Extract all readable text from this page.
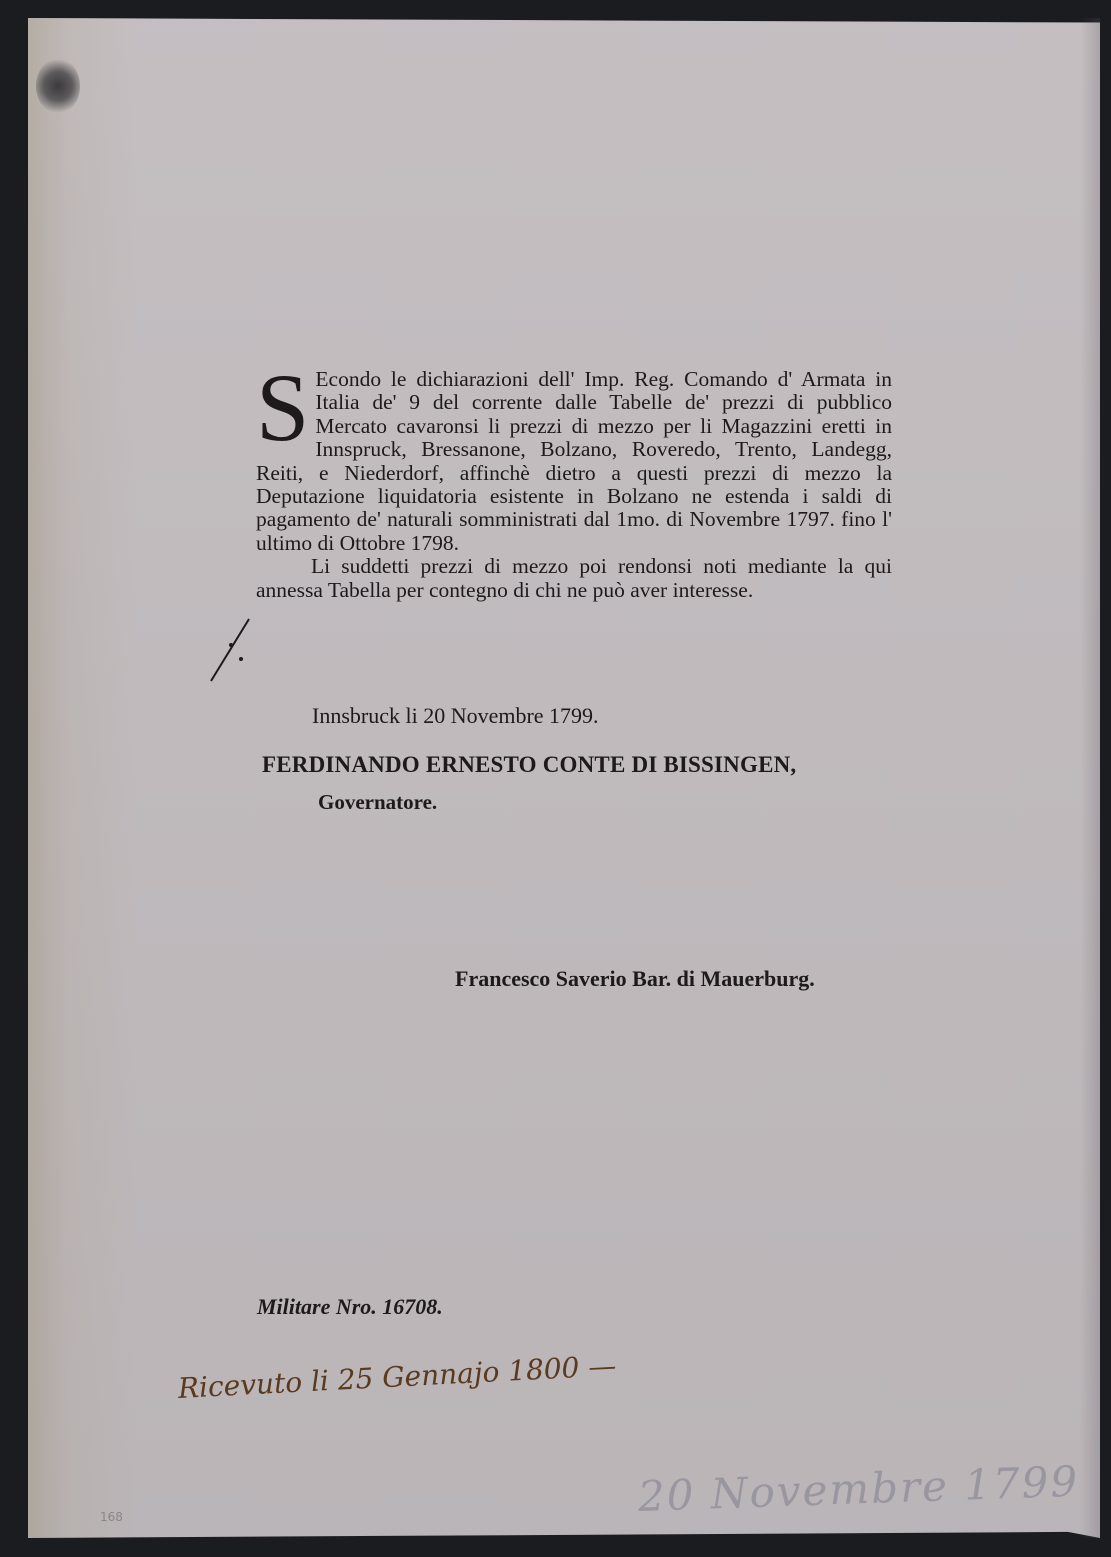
S Econdo le dichiarazioni dell' Imp. Reg. Comando d' Armata in Italia de' 9 del corrente dalle Tabelle de' prezzi di pubblico Mercato cavaronsi li prezzi di mezzo per li Magazzini eretti in Innspruck, Bressanone, Bolzano, Roveredo, Trento, Landegg, Reiti, e Niederdorf, affinchè dietro a questi prezzi di mezzo la Deputazione liquidatoria esistente in Bolzano ne estenda i saldi di pagamento de' naturali somministrati dal 1mo. di Novembre 1797. fino l' ultimo di Ottobre 1798.

Li suddetti prezzi di mezzo poi rendonsi noti mediante la qui annessa Tabella per contegno di chi ne può aver interesse.

Innsbruck li 20 Novembre 1799.
FERDINANDO ERNESTO CONTE DI BISSINGEN,
Governatore.
Francesco Saverio Bar. di Mauerburg.
Militare Nro. 16708.
Ricevuto li 25 Gennajo 1800 —
20 Novembre 1799
168
